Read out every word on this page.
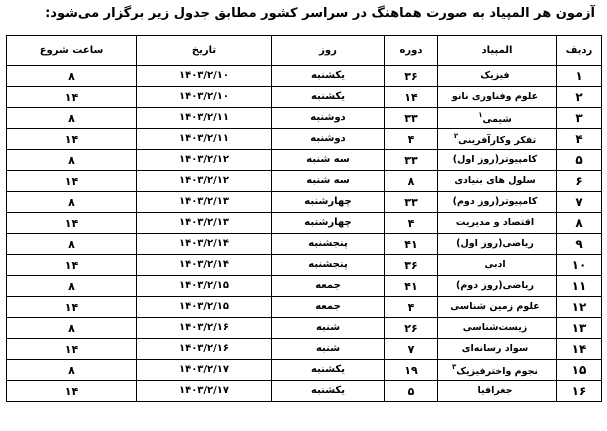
آزمون هر المپیاد به صورت هماهنگ در سراسر کشور مطابق جدول زیر برگزار می‌شود:
ردیف	المپیاد	دوره	روز	تاریخ	ساعت شروع
۱	فیزیک	۳۶	یکشنبه	۱۴۰۳/۲/۱۰	۸
۲	علوم وفناوری نانو	۱۴	یکشنبه	۱۴۰۳/۲/۱۰	۱۴
۳	شیمی$^۱$	۳۳	دوشنبه	۱۴۰۳/۲/۱۱	۸
۴	تفکر وکارآفرینی$^۲$	۴	دوشنبه	۱۴۰۳/۲/۱۱	۱۴
۵	کامپیوتر(روز اول)	۳۳	سه شنبه	۱۴۰۳/۲/۱۲	۸
۶	سلول های بنیادی	۸	سه شنبه	۱۴۰۳/۲/۱۲	۱۴
۷	کامپیوتر(روز دوم)	۳۳	چهارشنبه	۱۴۰۳/۲/۱۳	۸
۸	اقتصاد و مدیریت	۴	چهارشنبه	۱۴۰۳/۲/۱۳	۱۴
۹	ریاضی(روز اول)	۴۱	پنجشنبه	۱۴۰۳/۲/۱۴	۸
۱۰	ادبی	۳۶	پنجشنبه	۱۴۰۳/۲/۱۴	۱۴
۱۱	ریاضی(روز دوم)	۴۱	جمعه	۱۴۰۳/۲/۱۵	۸
۱۲	علوم زمین شناسی	۴	جمعه	۱۴۰۳/۲/۱۵	۱۴
۱۳	زیست‌شناسی	۲۶	شنبه	۱۴۰۳/۲/۱۶	۸
۱۴	سواد رسانه‌ای	۷	شنبه	۱۴۰۳/۲/۱۶	۱۴
۱۵	نجوم واخترفیزیک$^۳$	۱۹	یکشنبه	۱۴۰۳/۲/۱۷	۸
۱۶	جغرافیا	۵	یکشنبه	۱۴۰۳/۲/۱۷	۱۴
